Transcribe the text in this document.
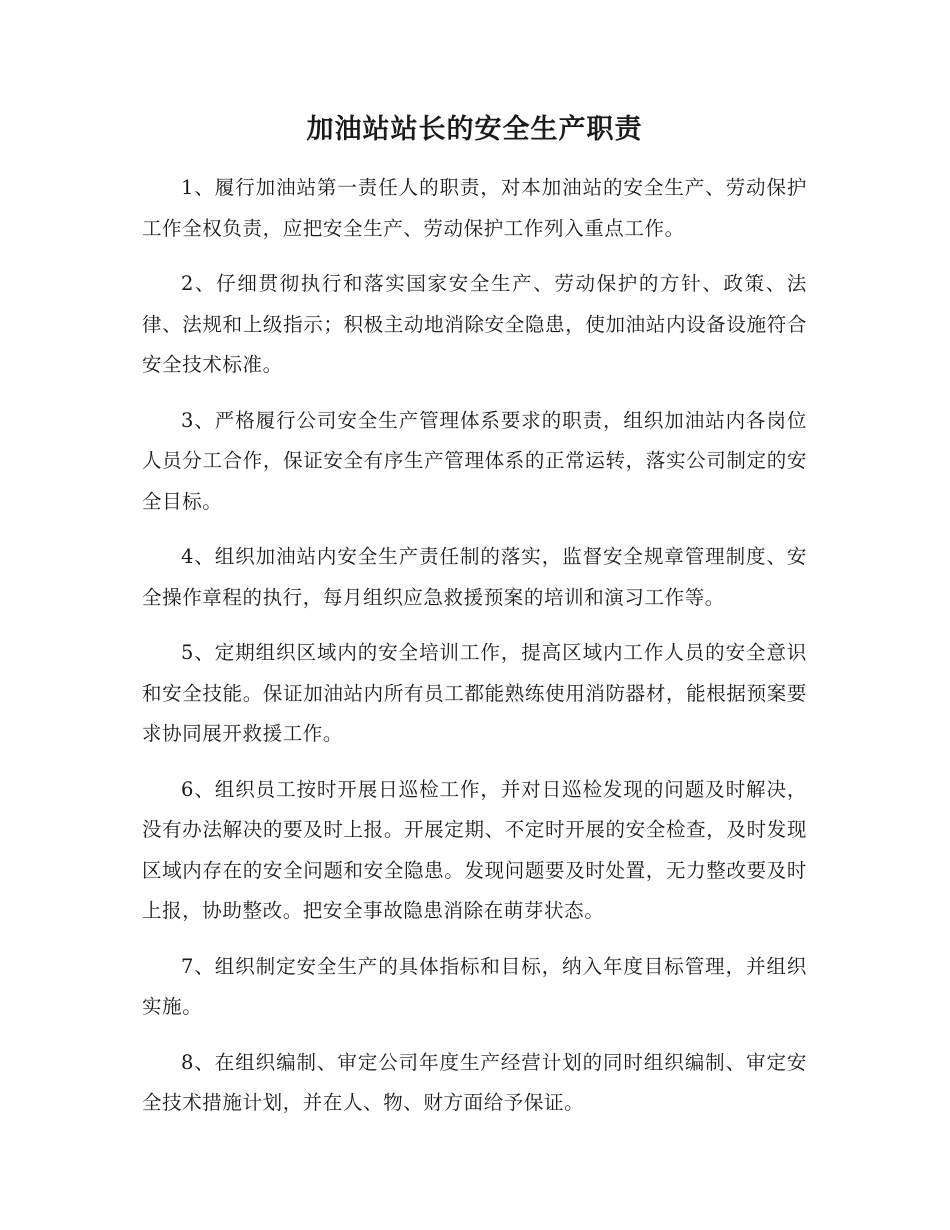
加油站站长的安全生产职责

1、履行加油站第一责任人的职责，对本加油站的安全生产、劳动保护工作全权负责，应把安全生产、劳动保护工作列入重点工作。

2、仔细贯彻执行和落实国家安全生产、劳动保护的方针、政策、法律、法规和上级指示；积极主动地消除安全隐患，使加油站内设备设施符合安全技术标准。

3、严格履行公司安全生产管理体系要求的职责，组织加油站内各岗位人员分工合作，保证安全有序生产管理体系的正常运转，落实公司制定的安全目标。

4、组织加油站内安全生产责任制的落实，监督安全规章管理制度、安全操作章程的执行，每月组织应急救援预案的培训和演习工作等。

5、定期组织区域内的安全培训工作，提高区域内工作人员的安全意识和安全技能。保证加油站内所有员工都能熟练使用消防器材，能根据预案要求协同展开救援工作。

6、组织员工按时开展日巡检工作，并对日巡检发现的问题及时解决，没有办法解决的要及时上报。开展定期、不定时开展的安全检查，及时发现区域内存在的安全问题和安全隐患。发现问题要及时处置，无力整改要及时上报，协助整改。把安全事故隐患消除在萌芽状态。

7、组织制定安全生产的具体指标和目标，纳入年度目标管理，并组织实施。

8、在组织编制、审定公司年度生产经营计划的同时组织编制、审定安全技术措施计划，并在人、物、财方面给予保证。
